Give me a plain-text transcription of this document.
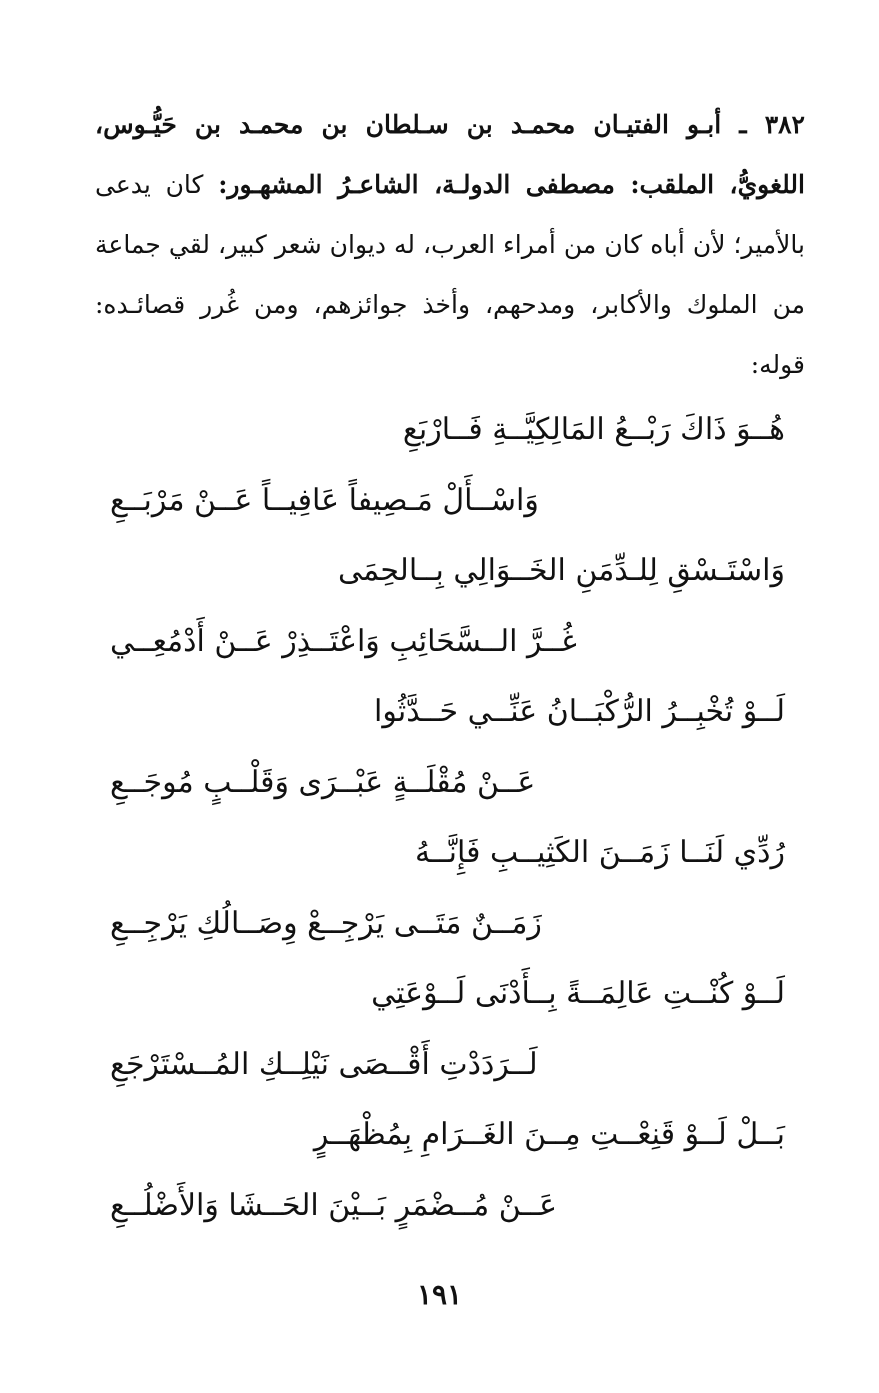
٣٨٢ ـ أبـو الفتيـان محمـد بن سـلطان بن محمـد بن حَيُّـوس،
اللغويُّ، الملقب: مصطفى الدولـة، الشاعـرُ المشهـور: كان يدعى
بالأمير؛ لأن أباه كان من أمراء العرب، له ديوان شعر كبير، لقي جماعة
من الملوك والأكابر، ومدحهم، وأخذ جوائزهم، ومن غُرر قصائـده:
قوله:
هُــوَ ذَاكَ رَبْــعُ المَالِكِيَّــةِ فَــارْبَعِ
وَاسْــأَلْ مَـصِيفاً عَافِيــاً عَــنْ مَرْبَــعِ
وَاسْتَـسْقِ لِلـدِّمَنِ الخَــوَالِي بِــالحِمَى
غُــرَّ الــسَّحَائِبِ وَاعْتَــذِرْ عَــنْ أَدْمُعِــي
لَــوْ تُخْبِــرُ الرُّكْبَــانُ عَنِّــي حَــدَّثُوا
عَــنْ مُقْلَــةٍ عَبْــرَى وَقَلْــبٍ مُوجَــعِ
رُدِّي لَنَــا زَمَــنَ الكَثِيــبِ فَإِنَّــهُ
زَمَــنٌ مَتَــى يَرْجِــعْ وِصَــالُكِ يَرْجِــعِ
لَــوْ كُنْــتِ عَالِمَــةً بِــأَدْنَى لَــوْعَتِي
لَــرَدَدْتِ أَقْــصَى نَيْلِــكِ المُــسْتَرْجَعِ
بَــلْ لَــوْ قَنِعْــتِ مِــنَ الغَــرَامِ بِمُظْهَــرٍ
عَــنْ مُــضْمَرٍ بَــيْنَ الحَــشَا وَالأَضْلُــعِ
١٩١
